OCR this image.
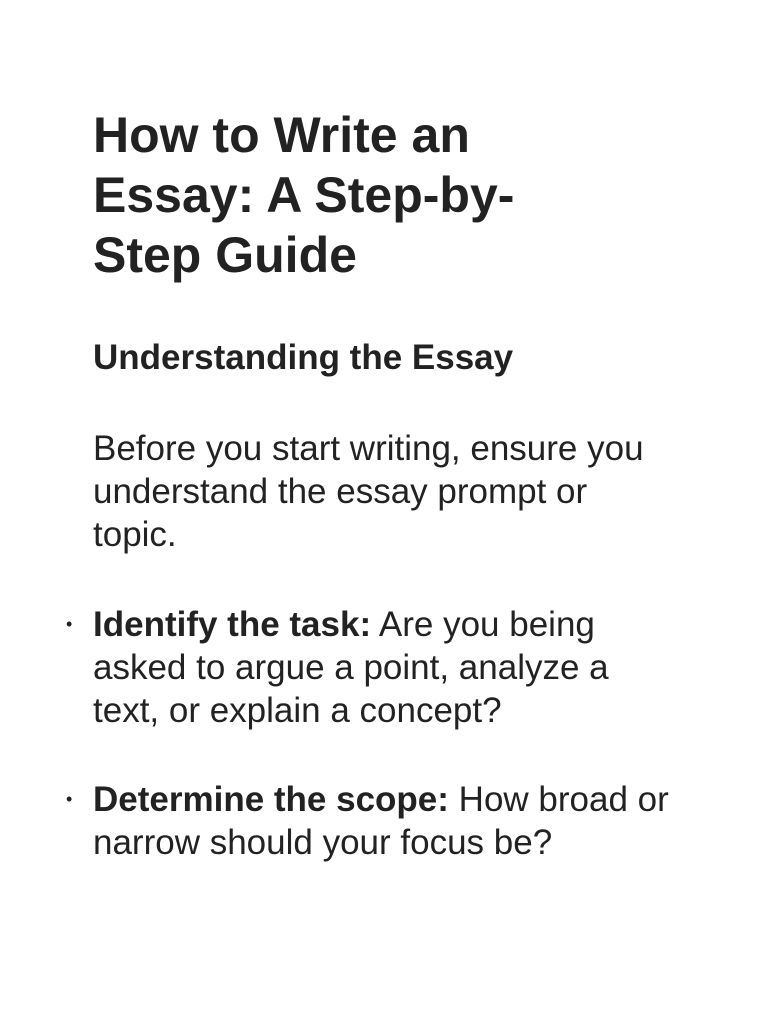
How to Write an Essay: A Step-by-Step Guide
Understanding the Essay

Before you start writing, ensure you understand the essay prompt or topic.

• Identify the task: Are you being asked to argue a point, analyze a text, or explain a concept?
• Determine the scope: How broad or narrow should your focus be?
